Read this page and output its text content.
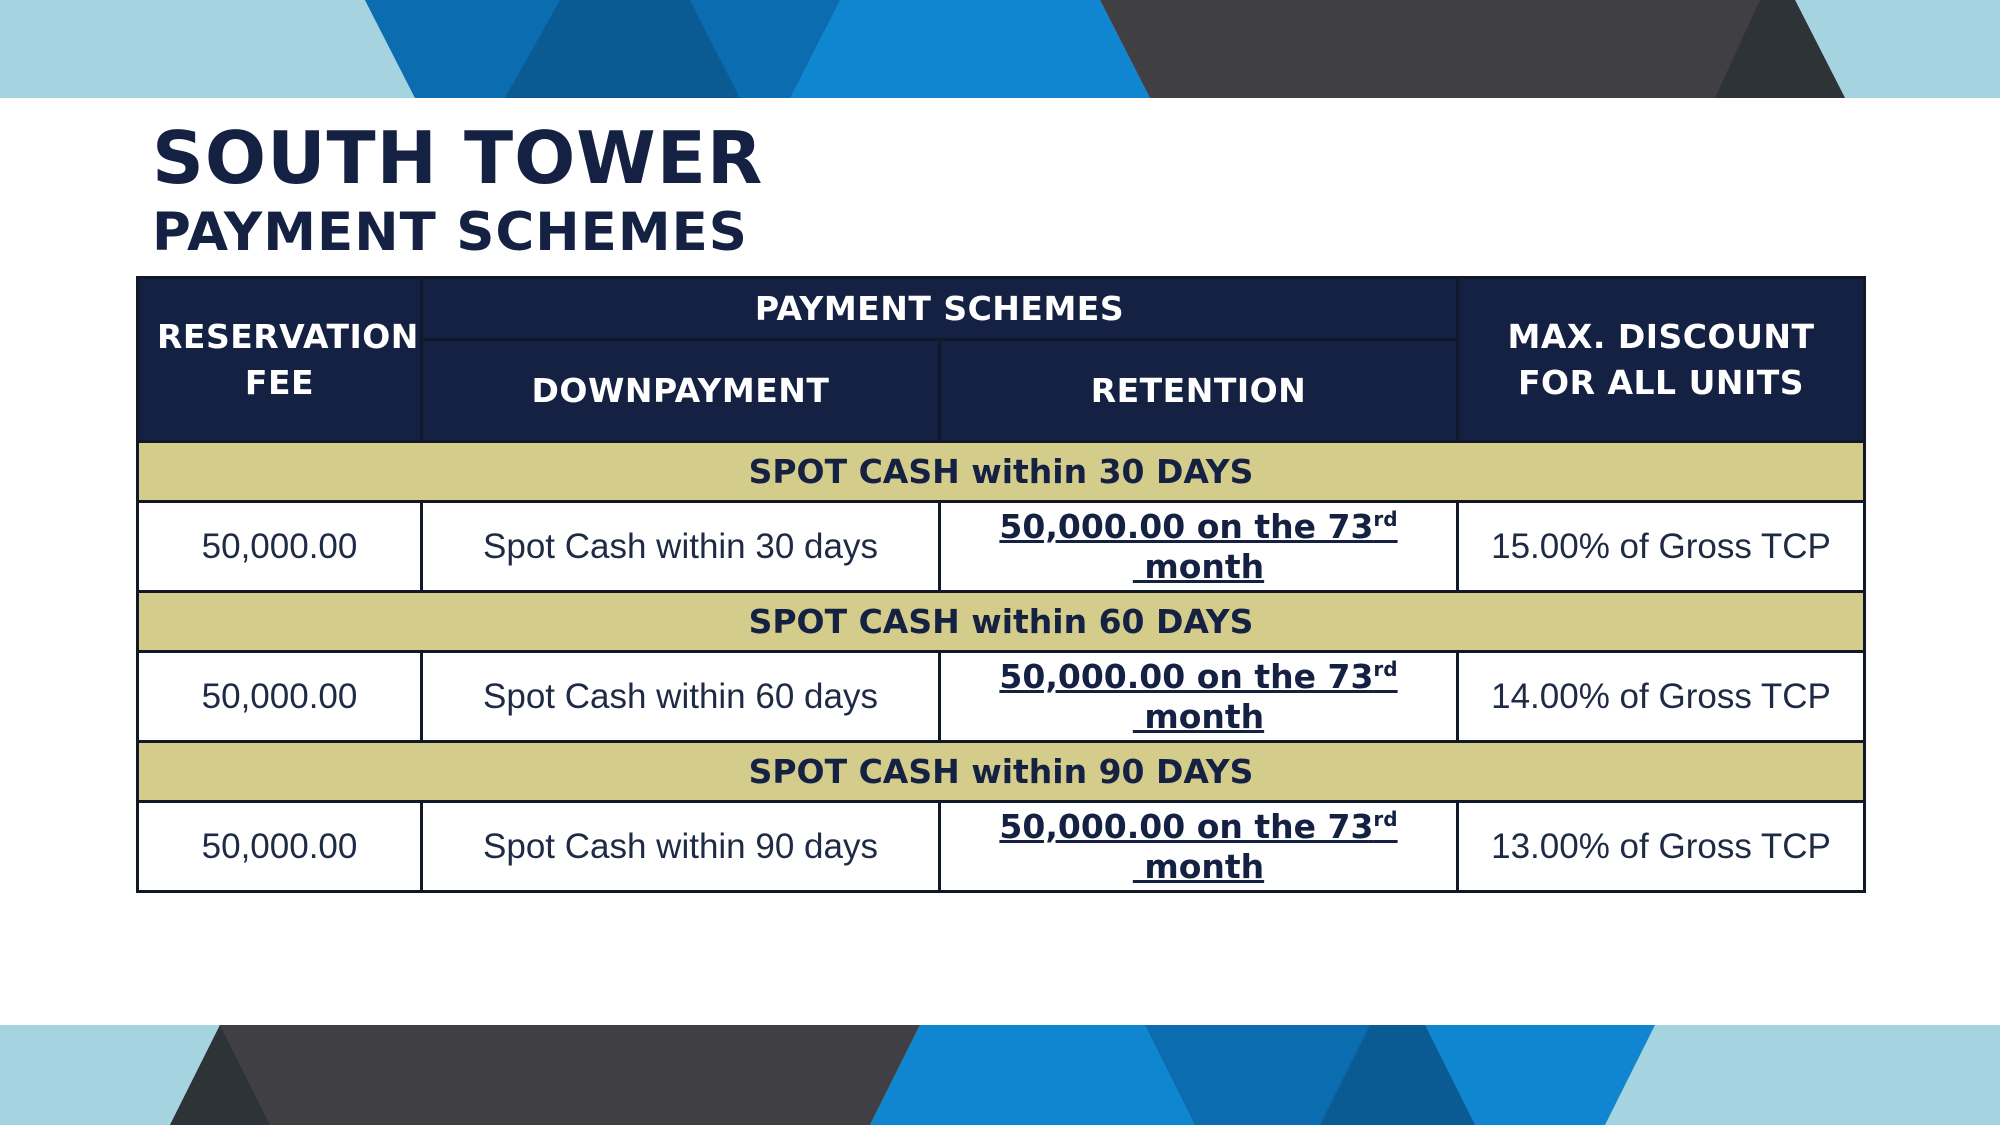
SOUTH TOWER
PAYMENT SCHEMES
RESERVATION FEE	PAYMENT SCHEMES		MAX. DISCOUNT FOR ALL UNITS
	DOWNPAYMENT	RETENTION	
SPOT CASH within 30 DAYS			
50,000.00	Spot Cash within 30 days	50,000.00 on the 73rd month	15.00% of Gross TCP
SPOT CASH within 60 DAYS			
50,000.00	Spot Cash within 60 days	50,000.00 on the 73rd month	14.00% of Gross TCP
SPOT CASH within 90 DAYS			
50,000.00	Spot Cash within 90 days	50,000.00 on the 73rd month	13.00% of Gross TCP
